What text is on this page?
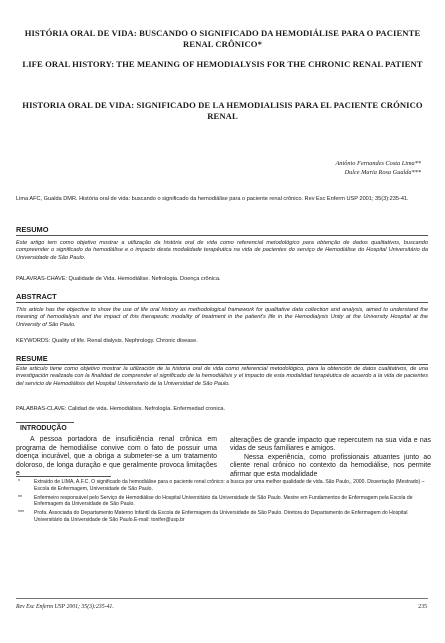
HISTÓRIA ORAL DE VIDA: BUSCANDO O SIGNIFICADO DA HEMODIÁLISE PARA O PACIENTE RENAL CRÔNICO*
LIFE ORAL HISTORY: THE MEANING OF HEMODIALYSIS FOR THE CHRONIC RENAL PATIENT
HISTORIA ORAL DE VIDA: SIGNIFICADO DE LA HEMODIALISIS PARA EL PACIENTE CRÓNICO RENAL
Antônio Fernandes Costa Lima**
Dulce Maria Rosa Gualda***
Lima AFC, Gualda DMR. História oral de vida: buscando o significado da hemodiálise para o paciente renal crônico. Rev Esc Enferm USP 2001; 35(3):235-41.
RESUMO
Este artigo tem como objetivo mostrar a utilização da história oral de vida como referencial metodológico para obtenção de dados qualitativos, buscando compreender o significado da hemodiálise e o impacto desta modalidade terapêutica na vida de pacientes do serviço de Hemodiálise do Hospital Universitário da Universidade de São Paulo.
PALAVRAS-CHAVE: Qualidade de Vida. Hemodiálise. Nefrologia. Doença crônica.
ABSTRACT
This article has the objective to show the use of life oral history as methodological framework for qualitative data collection and analysis, aimed to understand the meaning of hemodialysis and the impact of this therapeutic modality of treatment in the patient's life in the Hemodialysis Unity at the University Hospital at the University of São Paulo.
KEYWORDS: Quality of life. Renal dialysis. Nephrology. Chronic disease.
RESUME
Este articulo tiene como objetivo mostrar la utilización de la historia oral de vida como referencial metodológico, para la obtención de datos cualitativos, de una investigación realizada con la finalidad de comprender el significado de la hemodiálisis y el impacto de esta modalidad terapéutica de acuerdo a la vida de pacientes del servicio de Hemodiálisis del Hospital Universitario de la Universidad de São Paulo.
PALABRAS-CLAVE: Calidad de vida. Hemodiálisis. Nefrología. Enfermedad cronica.
INTRODUÇÃO

A pessoa portadora de insuficiência renal crônica em programa de hemodiálise convive com o fato de possuir uma doença incurável, que a obriga a submeter-se a um tratamento doloroso, de longa duração e que geralmente provoca limitações e

alterações de grande impacto que repercutem na sua vida e nas vidas de seus familiares e amigos.

Nessa experiência, como profissionais atuantes junto ao cliente renal crônico no contexto da hemodiálise, nos permite afirmar que esta modalidade

*	Extraído de LIMA, A.F.C. O significado da hemodiálise para o paciente renal crônico: a busca por uma melhor qualidade de vida. São Paulo,, 2000. Dissertação (Mestrado) – Escola de Enfermagem, Universidade de São Paulo.
**	Enfermeiro responsável pelo Serviço de Hemodiálise do Hospital Universitário da Universidade de São Paulo. Mestre em Fundamentos de Enfermagem pela Escola de Enfermagem da Universidade de São Paulo.
***	Profa. Associada do Departamento Materno Infantil da Escola de Enfermagem da Universidade de São Paulo. Diretora do Departamento de Enfermagem do Hospital Universitário da Universidade de São Paulo.E-mail: tonifer@usp.br
Rev Esc Enferm USP 2001; 35(3):235-41.	235
